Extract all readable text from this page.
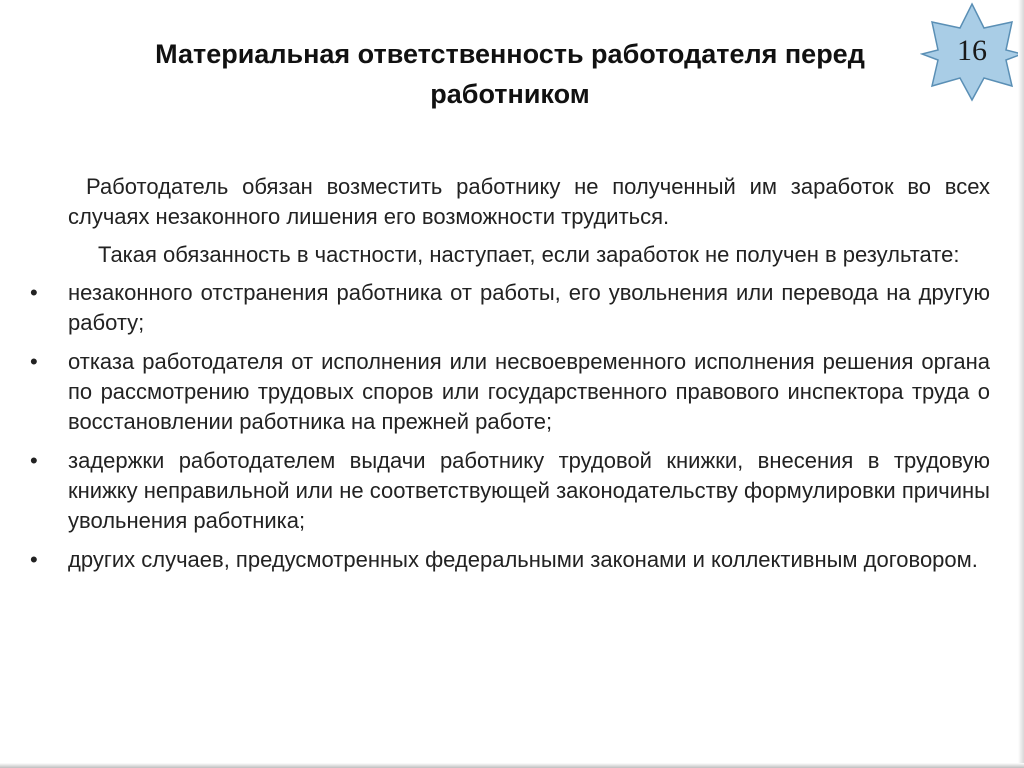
Материальная ответственность работодателя перед работником
16

Работодатель обязан возместить работнику не полученный им заработок во всех случаях незаконного лишения его возможности трудиться.

Такая обязанность в частности, наступает, если заработок не получен в результате:

•	незаконного отстранения работника от работы, его увольнения или перевода на другую работу;
•	отказа работодателя от исполнения или несвоевременного исполнения решения органа по рассмотрению трудовых споров или государственного правового инспектора труда о восстановлении работника на прежней работе;
•	задержки работодателем выдачи работнику трудовой книжки, внесения в трудовую книжку неправильной или не соответствующей законодательству формулировки причины увольнения работника;
•	других случаев, предусмотренных федеральными законами и коллективным договором.
